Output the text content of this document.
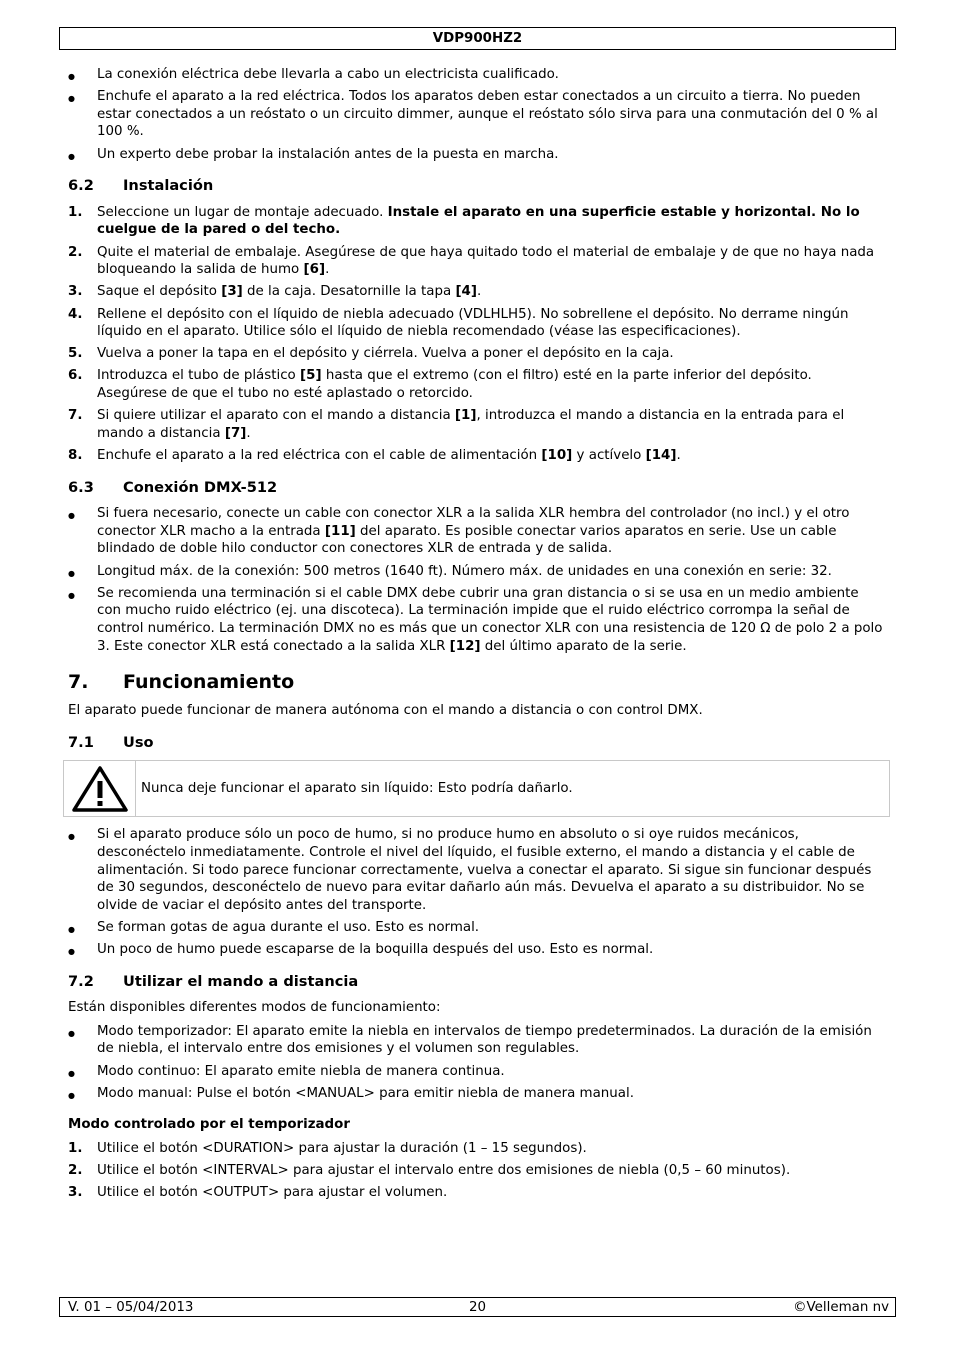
VDP900HZ2
● La conexión eléctrica debe llevarla a cabo un electricista cualificado.
● Enchufe el aparato a la red eléctrica. Todos los aparatos deben estar conectados a un circuito a tierra. No pueden estar conectados a un reóstato o un circuito dimmer, aunque el reóstato sólo sirva para una conmutación del 0 % al 100 %.
● Un experto debe probar la instalación antes de la puesta en marcha.
6.2 Instalación
1. Seleccione un lugar de montaje adecuado. Instale el aparato en una superficie estable y horizontal. No lo cuelgue de la pared o del techo.
2. Quite el material de embalaje. Asegúrese de que haya quitado todo el material de embalaje y de que no haya nada bloqueando la salida de humo [6].
3. Saque el depósito [3] de la caja. Desatornille la tapa [4].
4. Rellene el depósito con el líquido de niebla adecuado (VDLHLH5). No sobrellene el depósito. No derrame ningún líquido en el aparato. Utilice sólo el líquido de niebla recomendado (véase las especificaciones).
5. Vuelva a poner la tapa en el depósito y ciérrela. Vuelva a poner el depósito en la caja.
6. Introduzca el tubo de plástico [5] hasta que el extremo (con el filtro) esté en la parte inferior del depósito. Asegúrese de que el tubo no esté aplastado o retorcido.
7. Si quiere utilizar el aparato con el mando a distancia [1], introduzca el mando a distancia en la entrada para el mando a distancia [7].
8. Enchufe el aparato a la red eléctrica con el cable de alimentación [10] y actívelo [14].
6.3 Conexión DMX-512
● Si fuera necesario, conecte un cable con conector XLR a la salida XLR hembra del controlador (no incl.) y el otro conector XLR macho a la entrada [11] del aparato. Es posible conectar varios aparatos en serie. Use un cable blindado de doble hilo conductor con conectores XLR de entrada y de salida.
● Longitud máx. de la conexión: 500 metros (1640 ft). Número máx. de unidades en una conexión en serie: 32.
● Se recomienda una terminación si el cable DMX debe cubrir una gran distancia o si se usa en un medio ambiente con mucho ruido eléctrico (ej. una discoteca). La terminación impide que el ruido eléctrico corrompa la señal de control numérico. La terminación DMX no es más que un conector XLR con una resistencia de 120 Ω de polo 2 a polo 3. Este conector XLR está conectado a la salida XLR [12] del último aparato de la serie.
7. Funcionamiento
El aparato puede funcionar de manera autónoma con el mando a distancia o con control DMX.
7.1 Uso
Nunca deje funcionar el aparato sin líquido: Esto podría dañarlo.
● Si el aparato produce sólo un poco de humo, si no produce humo en absoluto o si oye ruidos mecánicos, desconéctelo inmediatamente. Controle el nivel del líquido, el fusible externo, el mando a distancia y el cable de alimentación. Si todo parece funcionar correctamente, vuelva a conectar el aparato. Si sigue sin funcionar después de 30 segundos, desconéctelo de nuevo para evitar dañarlo aún más. Devuelva el aparato a su distribuidor. No se olvide de vaciar el depósito antes del transporte.
● Se forman gotas de agua durante el uso. Esto es normal.
● Un poco de humo puede escaparse de la boquilla después del uso. Esto es normal.
7.2 Utilizar el mando a distancia
Están disponibles diferentes modos de funcionamiento:
● Modo temporizador: El aparato emite la niebla en intervalos de tiempo predeterminados. La duración de la emisión de niebla, el intervalo entre dos emisiones y el volumen son regulables.
● Modo continuo: El aparato emite niebla de manera continua.
● Modo manual: Pulse el botón <MANUAL> para emitir niebla de manera manual.
Modo controlado por el temporizador
1. Utilice el botón <DURATION> para ajustar la duración (1 – 15 segundos).
2. Utilice el botón <INTERVAL> para ajustar el intervalo entre dos emisiones de niebla (0,5 – 60 minutos).
3. Utilice el botón <OUTPUT> para ajustar el volumen.
V. 01 – 05/04/2013	20	©Velleman nv
